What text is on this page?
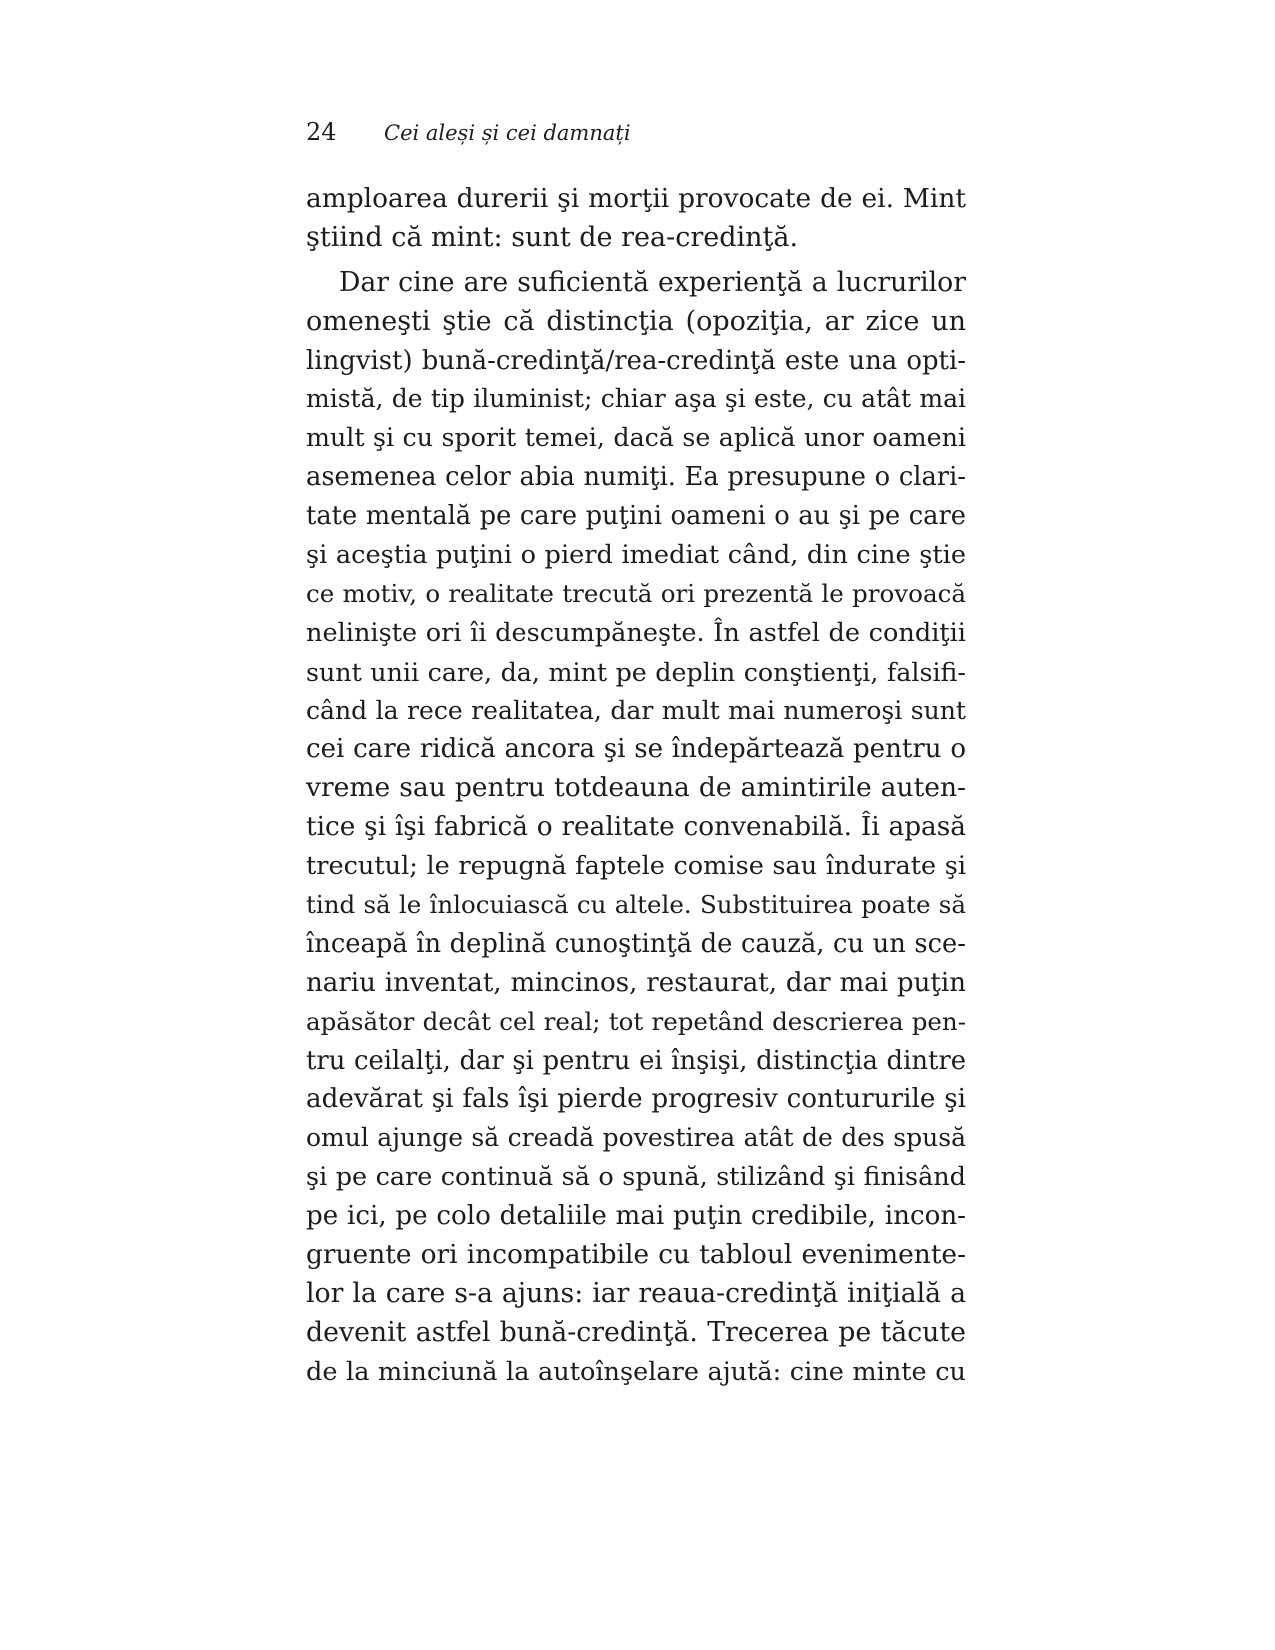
24	Cei aleși și cei damnați
amploarea durerii şi morţii provocate de ei. Mint
ştiind că mint: sunt de rea-credinţă.
Dar cine are suficientă experienţă a lucrurilor
omeneşti ştie că distincţia (opoziţia, ar zice un
lingvist) bună-credinţă/rea-credinţă este una opti-
mistă, de tip iluminist; chiar aşa şi este, cu atât mai
mult şi cu sporit temei, dacă se aplică unor oameni
asemenea celor abia numiţi. Ea presupune o clari-
tate mentală pe care puţini oameni o au şi pe care
şi aceştia puţini o pierd imediat când, din cine ştie
ce motiv, o realitate trecută ori prezentă le provoacă
nelinişte ori îi descumpăneşte. În astfel de condiţii
sunt unii care, da, mint pe deplin conştienţi, falsifi-
când la rece realitatea, dar mult mai numeroşi sunt
cei care ridică ancora şi se îndepărtează pentru o
vreme sau pentru totdeauna de amintirile auten-
tice şi îşi fabrică o realitate convenabilă. Îi apasă
trecutul; le repugnă faptele comise sau îndurate şi
tind să le înlocuiască cu altele. Substituirea poate să
înceapă în deplină cunoştinţă de cauză, cu un sce-
nariu inventat, mincinos, restaurat, dar mai puţin
apăsător decât cel real; tot repetând descrierea pen-
tru ceilalţi, dar şi pentru ei înşişi, distincţia dintre
adevărat şi fals îşi pierde progresiv contururile şi
omul ajunge să creadă povestirea atât de des spusă
şi pe care continuă să o spună, stilizând şi finisând
pe ici, pe colo detaliile mai puţin credibile, incon-
gruente ori incompatibile cu tabloul evenimente-
lor la care s-a ajuns: iar reaua-credinţă iniţială a
devenit astfel bună-credinţă. Trecerea pe tăcute
de la minciună la autoînşelare ajută: cine minte cu
